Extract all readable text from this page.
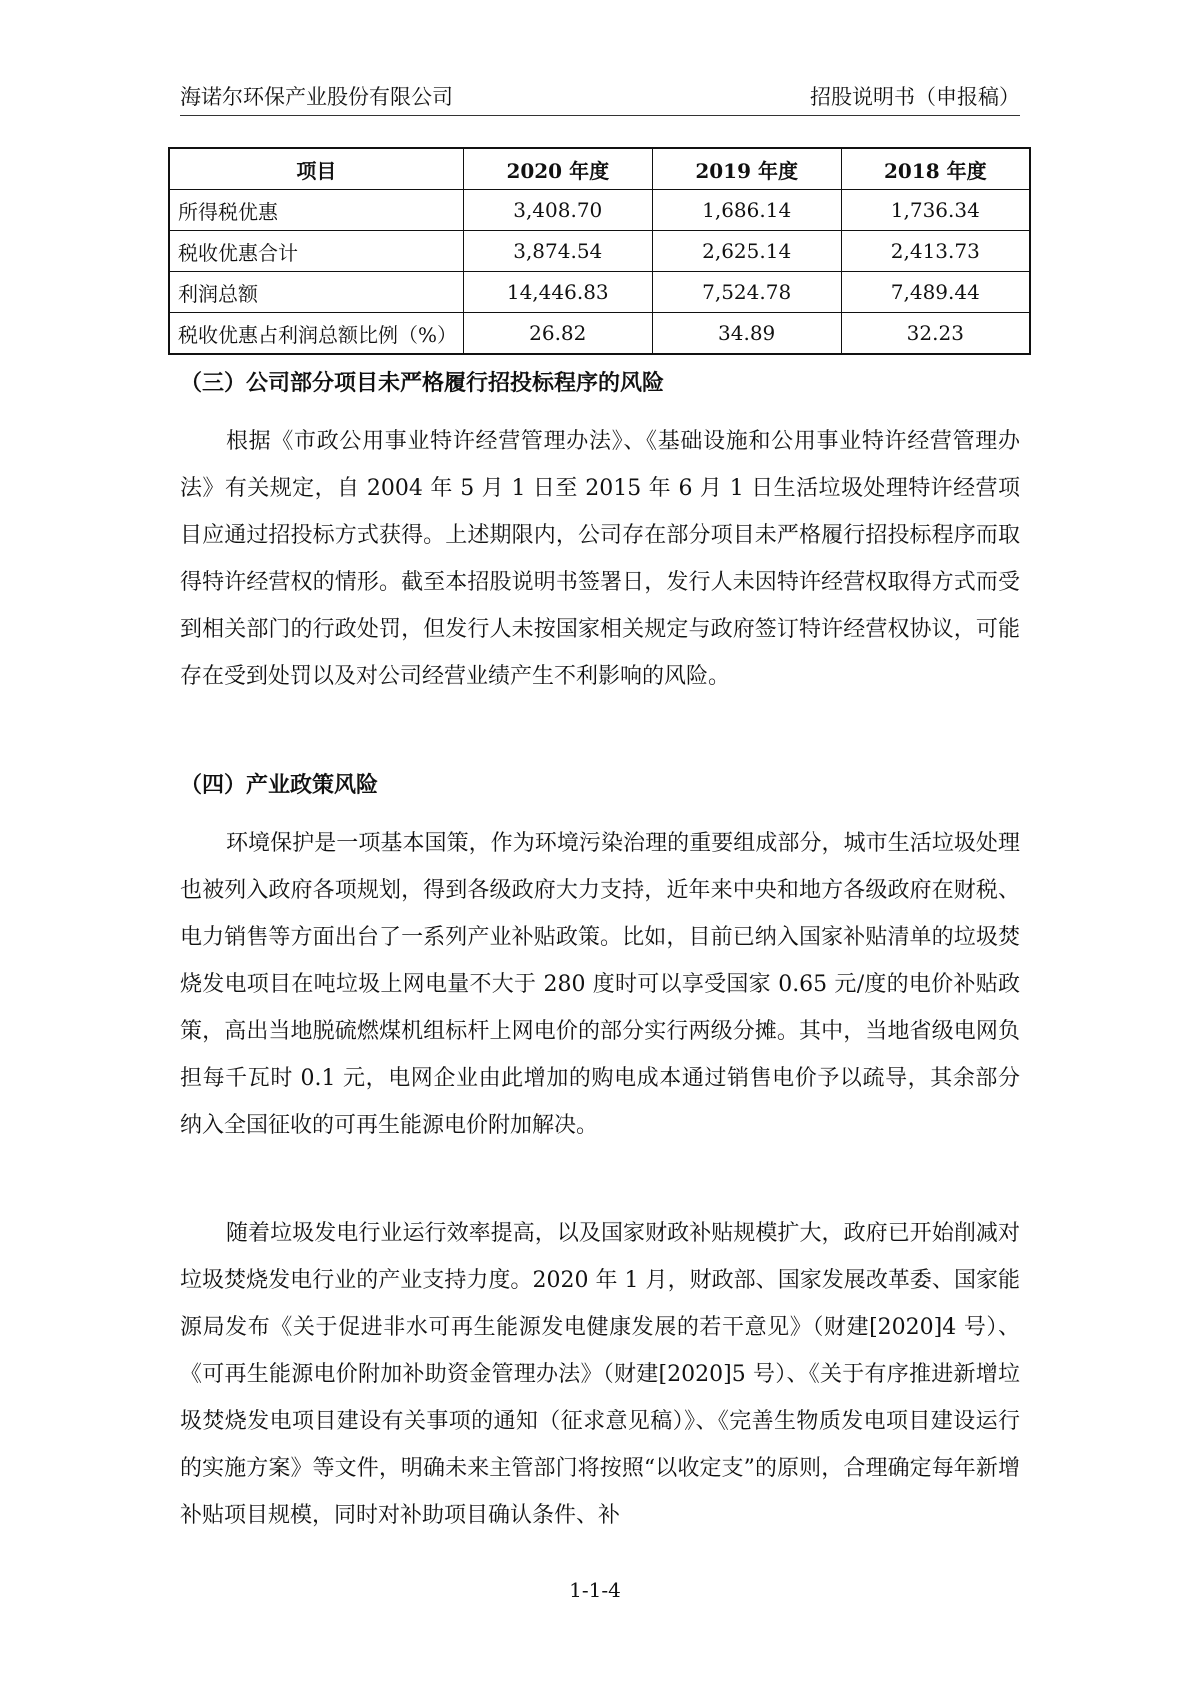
海诺尔环保产业股份有限公司	招股说明书（申报稿）
项目	2020 年度	2019 年度	2018 年度
所得税优惠	3,408.70	1,686.14	1,736.34
税收优惠合计	3,874.54	2,625.14	2,413.73
利润总额	14,446.83	7,524.78	7,489.44
税收优惠占利润总额比例（%）	26.82	34.89	32.23
（三）公司部分项目未严格履行招投标程序的风险

根据《市政公用事业特许经营管理办法》、《基础设施和公用事业特许经营管理办法》有关规定，自 2004 年 5 月 1 日至 2015 年 6 月 1 日生活垃圾处理特许经营项目应通过招投标方式获得。上述期限内，公司存在部分项目未严格履行招投标程序而取得特许经营权的情形。截至本招股说明书签署日，发行人未因特许经营权取得方式而受到相关部门的行政处罚，但发行人未按国家相关规定与政府签订特许经营权协议，可能存在受到处罚以及对公司经营业绩产生不利影响的风险。

（四）产业政策风险

环境保护是一项基本国策，作为环境污染治理的重要组成部分，城市生活垃圾处理也被列入政府各项规划，得到各级政府大力支持，近年来中央和地方各级政府在财税、电力销售等方面出台了一系列产业补贴政策。比如，目前已纳入国家补贴清单的垃圾焚烧发电项目在吨垃圾上网电量不大于 280 度时可以享受国家 0.65 元/度的电价补贴政策，高出当地脱硫燃煤机组标杆上网电价的部分实行两级分摊。其中，当地省级电网负担每千瓦时 0.1 元，电网企业由此增加的购电成本通过销售电价予以疏导，其余部分纳入全国征收的可再生能源电价附加解决。

随着垃圾发电行业运行效率提高，以及国家财政补贴规模扩大，政府已开始削减对垃圾焚烧发电行业的产业支持力度。2020 年 1 月，财政部、国家发展改革委、国家能源局发布《关于促进非水可再生能源发电健康发展的若干意见》（财建[2020]4 号）、《可再生能源电价附加补助资金管理办法》（财建[2020]5 号）、《关于有序推进新增垃圾焚烧发电项目建设有关事项的通知（征求意见稿）》、《完善生物质发电项目建设运行的实施方案》等文件，明确未来主管部门将按照“以收定支”的原则，合理确定每年新增补贴项目规模，同时对补助项目确认条件、补

1-1-4
